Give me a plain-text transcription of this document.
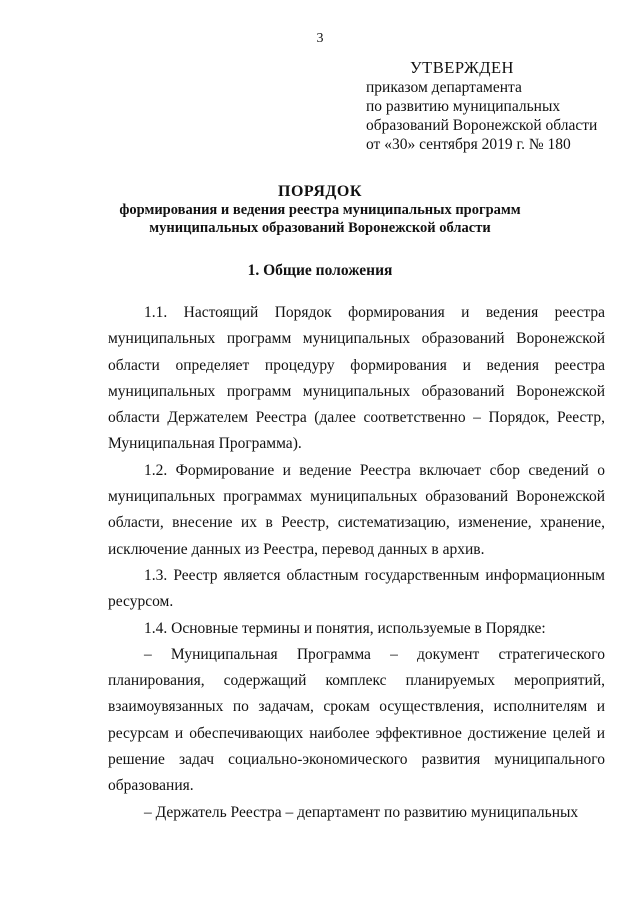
3
УТВЕРЖДЕН
приказом департамента
по развитию муниципальных
образований Воронежской области
от «30» сентября 2019 г. № 180
ПОРЯДОК
формирования и ведения реестра муниципальных программ
муниципальных образований Воронежской области
1. Общие положения

1.1. Настоящий Порядок формирования и ведения реестра муниципальных программ муниципальных образований Воронежской области определяет процедуру формирования и ведения реестра муниципальных программ муниципальных образований Воронежской области Держателем Реестра (далее соответственно – Порядок, Реестр, Муниципальная Программа).

1.2. Формирование и ведение Реестра включает сбор сведений о муниципальных программах муниципальных образований Воронежской области, внесение их в Реестр, систематизацию, изменение, хранение, исключение данных из Реестра, перевод данных в архив.

1.3. Реестр является областным государственным информационным ресурсом.

1.4. Основные термины и понятия, используемые в Порядке:

– Муниципальная Программа – документ стратегического планирования, содержащий комплекс планируемых мероприятий, взаимоувязанных по задачам, срокам осуществления, исполнителям и ресурсам и обеспечивающих наиболее эффективное достижение целей и решение задач социально-экономического развития муниципального образования.

– Держатель Реестра – департамент по развитию муниципальных
